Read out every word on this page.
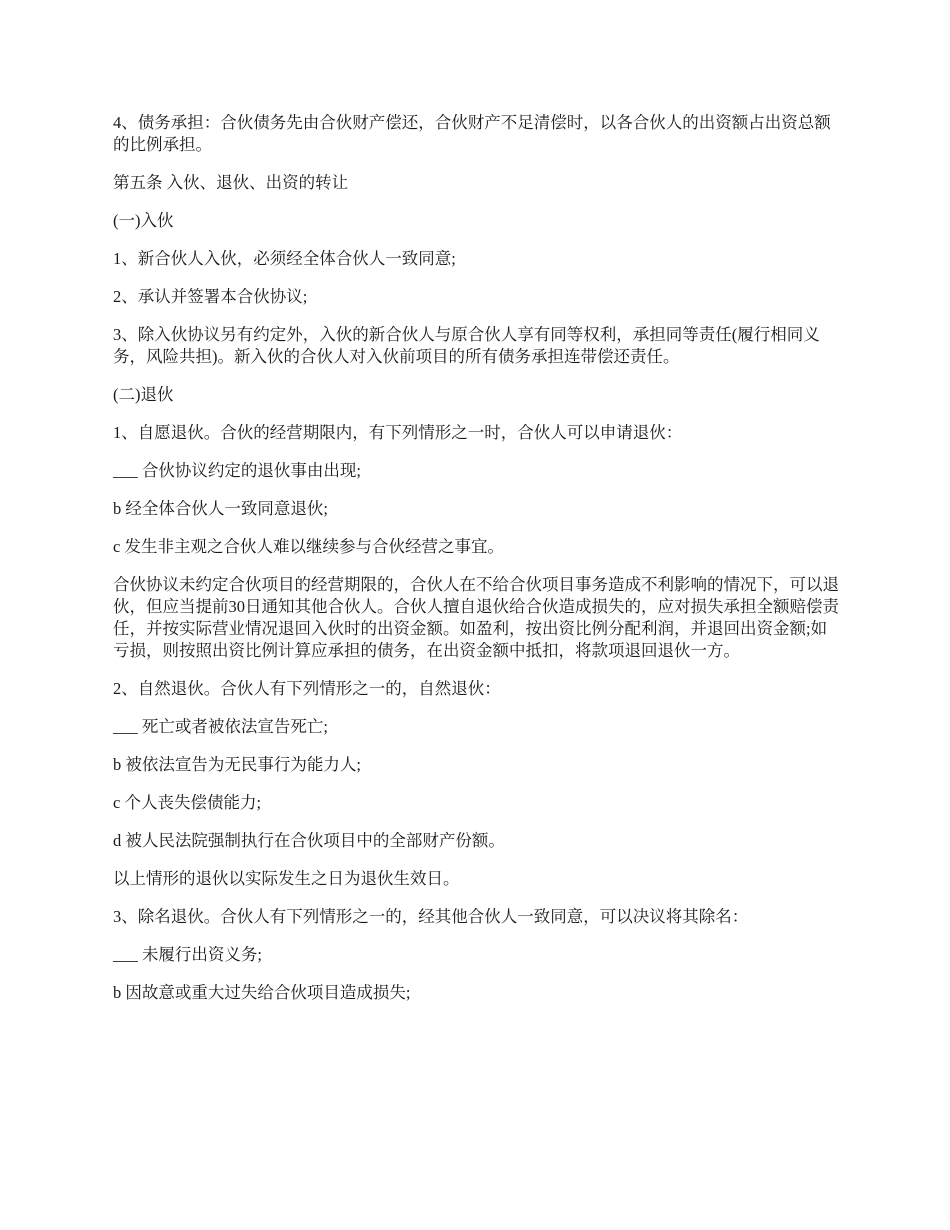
4、债务承担：合伙债务先由合伙财产偿还，合伙财产不足清偿时，以各合伙人的出资额占出资总额的比例承担。

第五条 入伙、退伙、出资的转让

(一)入伙

1、新合伙人入伙，必须经全体合伙人一致同意;

2、承认并签署本合伙协议;

3、除入伙协议另有约定外，入伙的新合伙人与原合伙人享有同等权利，承担同等责任(履行相同义务，风险共担)。新入伙的合伙人对入伙前项目的所有债务承担连带偿还责任。

(二)退伙

1、自愿退伙。合伙的经营期限内，有下列情形之一时，合伙人可以申请退伙：

___ 合伙协议约定的退伙事由出现;

b 经全体合伙人一致同意退伙;

c 发生非主观之合伙人难以继续参与合伙经营之事宜。

合伙协议未约定合伙项目的经营期限的，合伙人在不给合伙项目事务造成不利影响的情况下，可以退伙，但应当提前30日通知其他合伙人。合伙人擅自退伙给合伙造成损失的，应对损失承担全额赔偿责任，并按实际营业情况退回入伙时的出资金额。如盈利，按出资比例分配利润，并退回出资金额;如亏损，则按照出资比例计算应承担的债务，在出资金额中抵扣，将款项退回退伙一方。

2、自然退伙。合伙人有下列情形之一的，自然退伙：

___ 死亡或者被依法宣告死亡;

b 被依法宣告为无民事行为能力人;

c 个人丧失偿债能力;

d 被人民法院强制执行在合伙项目中的全部财产份额。

以上情形的退伙以实际发生之日为退伙生效日。

3、除名退伙。合伙人有下列情形之一的，经其他合伙人一致同意，可以决议将其除名：

___ 未履行出资义务;

b 因故意或重大过失给合伙项目造成损失;
